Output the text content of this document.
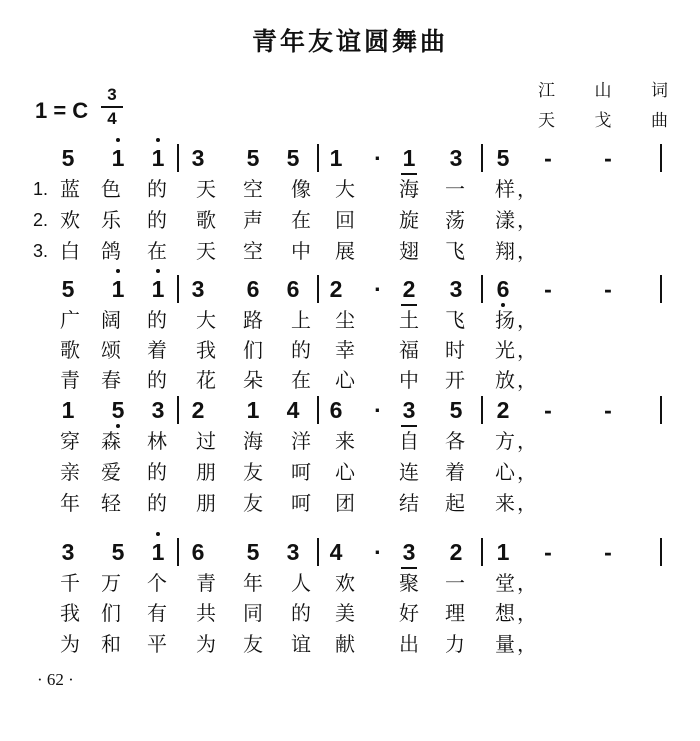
青年友谊圆舞曲
1 = C
3
4
江 山 词
天 戈 曲
5 1 1 3 5 5 1	· 1 3 5	-	-
1. 蓝 色 的 天 空 像 大 海 一 样 ，
2. 欢 乐 的 歌 声 在 回 旋 荡 漾 ，
3. 白 鸽 在 天 空 中 展 翅 飞 翔 ，
5 1 1 3 6 6 2	· 2 3 6	-	-
广 阔 的 大 路 上 尘 土 飞 扬 ，
歌 颂 着 我 们 的 幸 福 时 光 ，
青 春 的 花 朵 在 心 中 开 放 ，
1 5 3 2 1 4 6	· 3 5 2	-	-
穿 森 林 过 海 洋 来 自 各 方 ，
亲 爱 的 朋 友 呵 心 连 着 心 ，
年 轻 的 朋 友 呵 团 结 起 来 ，
3 5 1 6 5 3 4	· 3 2 1	-	-
千 万 个 青 年 人 欢 聚 一 堂 ，
我 们 有 共 同 的 美 好 理 想 ，
为 和 平 为 友 谊 献 出 力 量 ，
· 62 ·
